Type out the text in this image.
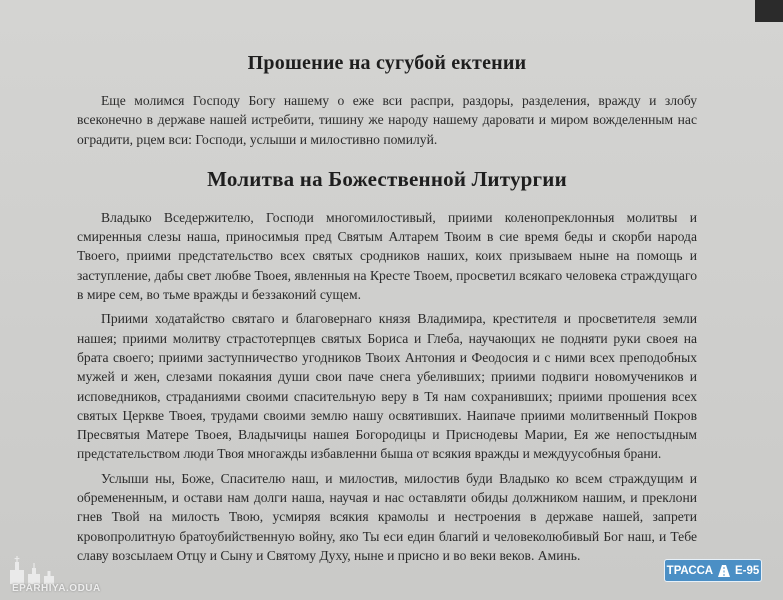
Прошение на сугубой ектении

Еще молимся Господу Богу нашему о еже вси распри, раздоры, разделения, вражду и злобу всеконечно в державе нашей истребити, тишину же народу нашему даровати и миром вожделенным нас оградити, рцем вси: Господи, услыши и милостивно помилуй.

Молитва на Божественной Литургии

Владыко Вседержителю, Господи многомилостивый, приими коленопреклонныя молитвы и смиренныя слезы наша, приносимыя пред Святым Алтарем Твоим в сие время беды и скорби народа Твоего, приими предстательство всех святых сродников наших, коих призываем ныне на помощь и заступление, дабы свет любве Твоея, явленныя на Кресте Твоем, просветил всякаго человека страждущаго в мире сем, во тьме вражды и беззаконий сущем.

Приими ходатайство святаго и благовернаго князя Владимира, крестителя и просветителя земли нашея; приими молитву страстотерпцев святых Бориса и Глеба, научающих не подняти руки своея на брата своего; приими заступничество угодников Твоих Антония и Феодосия и с ними всех преподобных мужей и жен, слезами покаяния души свои паче снега убеливших; приими подвиги новомучеников и исповедников, страданиями своими спасительную веру в Тя нам сохранивших; приими прошения всех святых Церкве Твоея, трудами своими землю нашу освятивших. Наипаче приими молитвенный Покров Пресвятыя Матере Твоея, Владычицы нашея Богородицы и Приснодевы Марии, Ея же непостыдным предстательством люди Твоя многажды избавленни быша от всякия вражды и междуусобныя брани.

Услыши ны, Боже, Спасителю наш, и милостив, милостив буди Владыко ко всем страждущим и обремененным, и остави нам долги наша, научая и нас оставляти обиды должником нашим, и преклони гнев Твой на милость Твою, усмиряя всякия крамолы и нестроения в державе нашей, запрети кровопролитную братоубийственную войну, яко Ты еси един благий и человеколюбивый Бог наш, и Тебе славу возсылаем Отцу и Сыну и Святому Духу, ныне и присно и во веки веков. Аминь.

EPARHIYA.ODUA
ТРАССА Е-95
